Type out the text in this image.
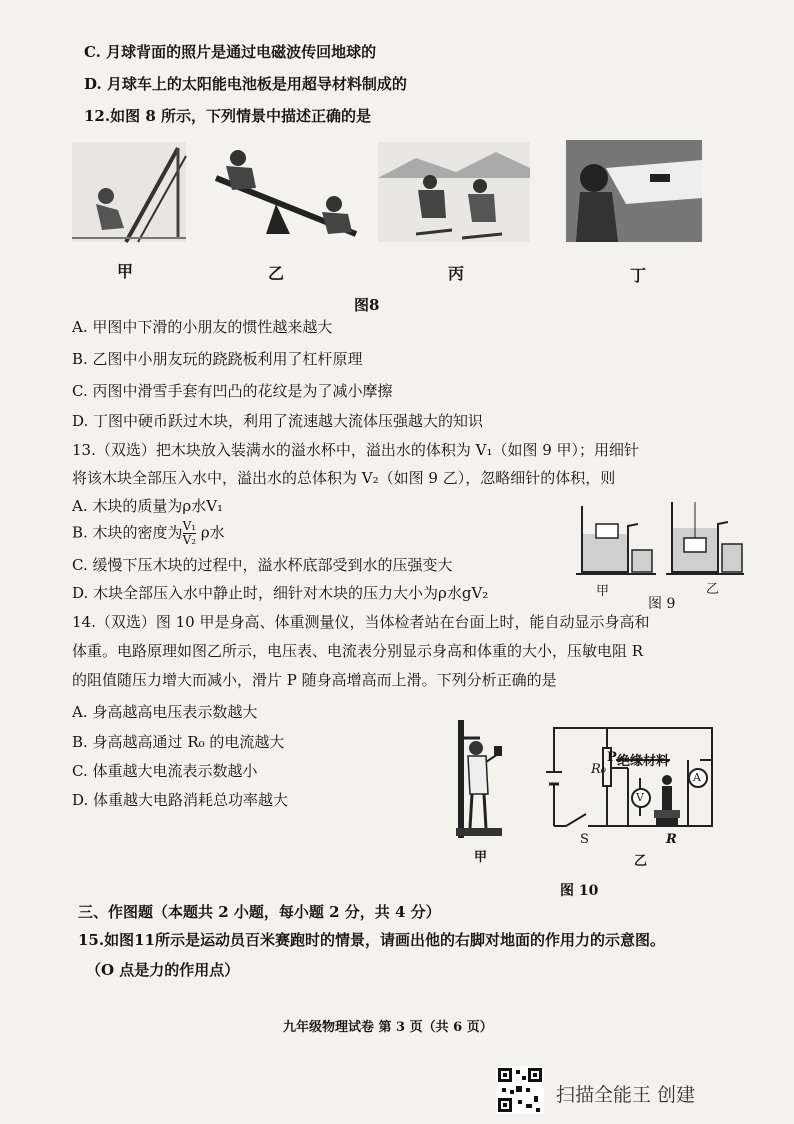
C. 月球背面的照片是通过电磁波传回地球的
D. 月球车上的太阳能电池板是用超导材料制成的
12.如图 8 所示，下列情景中描述正确的是
甲	乙	丙	丁
图8
A. 甲图中下滑的小朋友的惯性越来越大
B. 乙图中小朋友玩的跷跷板利用了杠杆原理
C. 丙图中滑雪手套有凹凸的花纹是为了减小摩擦
D. 丁图中硬币跃过木块，利用了流速越大流体压强越大的知识
13.（双选）把木块放入装满水的溢水杯中，溢出水的体积为 V₁（如图 9 甲）；用细针
将该木块全部压入水中，溢出水的总体积为 V₂（如图 9 乙），忽略细针的体积，则
A. 木块的质量为ρ水V₁
B. 木块的密度为 $\frac{\text{V₁}}{\text{V₂}}$ ρ水
C. 缓慢下压木块的过程中，溢水杯底部受到水的压强变大
D. 木块全部压入水中静止时，细针对木块的压力大小为ρ水gV₂	甲	乙
图 9
14.（双选）图 10 甲是身高、体重测量仪，当体检者站在台面上时，能自动显示身高和
体重。电路原理如图乙所示，电压表、电流表分别显示身高和体重的大小，压敏电阻 R
的阻值随压力增大而减小，滑片 P 随身高增高而上滑。下列分析正确的是
A. 身高越高电压表示数越大
B. 身高越高通过 R₀ 的电流越大
C. 体重越大电流表示数越小
D. 体重越大电路消耗总功率越大
甲
绝缘材料
R₀
P
V
A
R
S
乙
图 10
三、作图题（本题共 2 小题，每小题 2 分，共 4 分）
15.如图11所示是运动员百米赛跑时的情景，请画出他的右脚对地面的作用力的示意图。
（O 点是力的作用点）
九年级物理试卷 第 3 页（共 6 页）
扫描全能王 创建
